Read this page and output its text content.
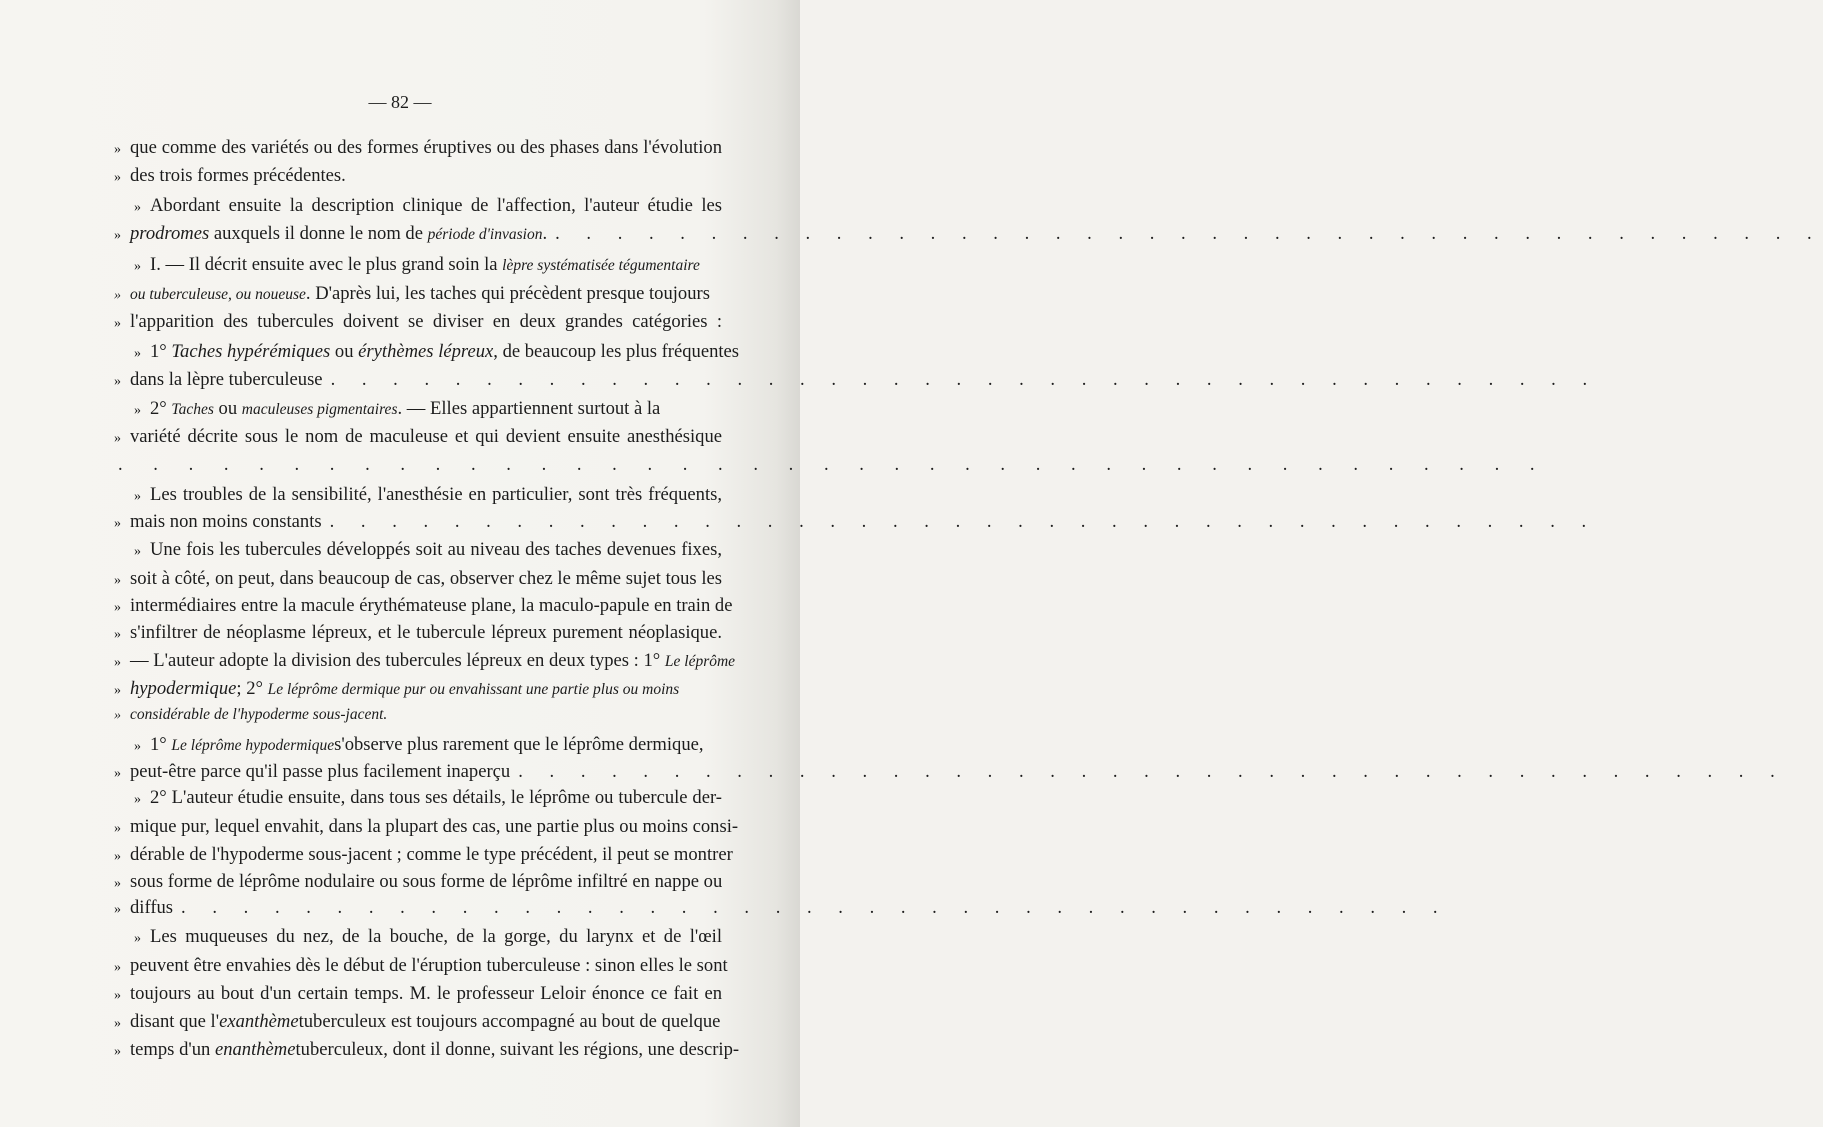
— 82 —
» que comme des variétés ou des formes éruptives ou des phases dans l'évolution
» des trois formes précédentes.
» Abordant ensuite la description clinique de l'affection, l'auteur étudie les
» prodromes auxquels il donne le nom de période d'invasion . . . . . . . . . . . . . . . . . . . . . . . . . . . . . . . . . . . . . . . . . .
» I. — Il décrit ensuite avec le plus grand soin la lèpre systématisée tégumentaire
» ou tuberculeuse, ou noueuse . D'après lui, les taches qui précèdent presque toujours
» l'apparition des tubercules doivent se diviser en deux grandes catégories :
» 1° Taches hypérémiques ou érythèmes lépreux , de beaucoup les plus fréquentes
» dans la lèpre tuberculeuse . . . . . . . . . . . . . . . . . . . . . . . . . . . . . . . . . . . . . . . . .
» 2° Taches ou maculeuses pigmentaires . — Elles appartiennent surtout à la
» variété décrite sous le nom de maculeuse et qui devient ensuite anesthésique
. . . . . . . . . . . . . . . . . . . . . . . . . . . . . . . . . . . . . . . . .
» Les troubles de la sensibilité, l'anesthésie en particulier, sont très fréquents,
» mais non moins constants . . . . . . . . . . . . . . . . . . . . . . . . . . . . . . . . . . . . . . . . .
» Une fois les tubercules développés soit au niveau des taches devenues fixes,
» soit à côté, on peut, dans beaucoup de cas, observer chez le même sujet tous les
» intermédiaires entre la macule érythémateuse plane, la maculo-papule en train de
» s'infiltrer de néoplasme lépreux, et le tubercule lépreux purement néoplasique.
» — L'auteur adopte la division des tubercules lépreux en deux types : 1° Le léprôme
» hypodermique ; 2° Le léprôme dermique pur ou envahissant une partie plus ou moins
» considérable de l'hypoderme sous-jacent.
» 1° Le léprôme hypodermique s'observe plus rarement que le léprôme dermique,
» peut-être parce qu'il passe plus facilement inaperçu . . . . . . . . . . . . . . . . . . . . . . . . . . . . . . . . . . . . . . . . .
» 2° L'auteur étudie ensuite, dans tous ses détails, le léprôme ou tubercule der-
» mique pur, lequel envahit, dans la plupart des cas, une partie plus ou moins consi-
» dérable de l'hypoderme sous-jacent ; comme le type précédent, il peut se montrer
» sous forme de léprôme nodulaire ou sous forme de léprôme infiltré en nappe ou
» diffus . . . . . . . . . . . . . . . . . . . . . . . . . . . . . . . . . . . . . . . . .
» Les muqueuses du nez, de la bouche, de la gorge, du larynx et de l'œil
» peuvent être envahies dès le début de l'éruption tuberculeuse : sinon elles le sont
» toujours au bout d'un certain temps. M. le professeur Leloir énonce ce fait en
» disant que l' exanthème tuberculeux est toujours accompagné au bout de quelque
» temps d'un enanthème tuberculeux, dont il donne, suivant les régions, une descrip-
